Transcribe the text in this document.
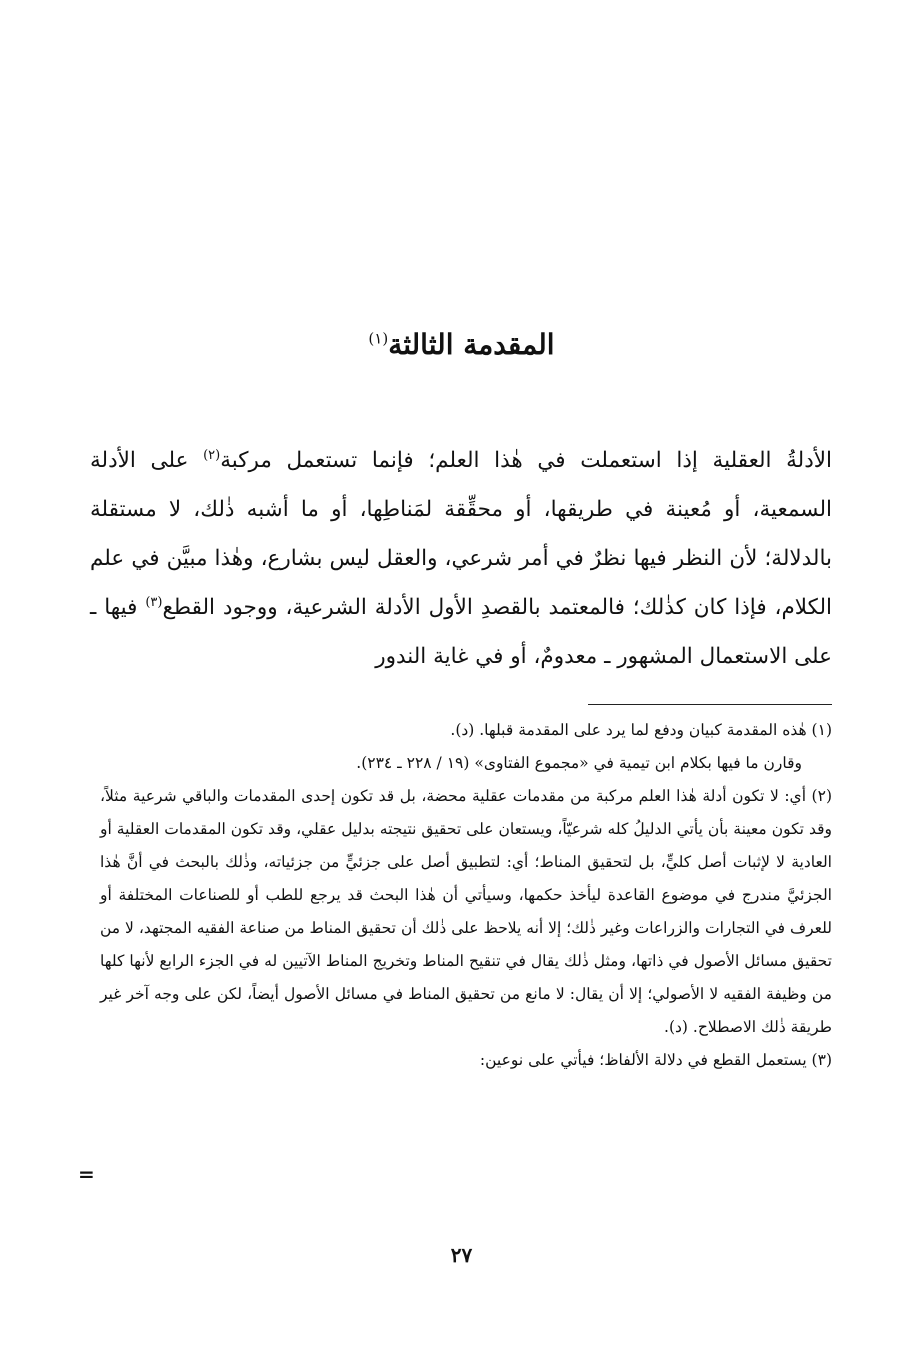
المقدمة الثالثة$^{(١)}$

الأدلةُ العقلية إذا استعملت في هٰذا العلم؛ فإنما تستعمل مركبة$^{(٢)}$ على الأدلة السمعية، أو مُعينة في طريقها، أو محقِّقة لمَناطِها، أو ما أشبه ذٰلك، لا مستقلة بالدلالة؛ لأن النظر فيها نظرٌ في أمر شرعي، والعقل ليس بشارع، وهٰذا مبيَّن في علم الكلام، فإذا كان كذٰلك؛ فالمعتمد بالقصدِ الأول الأدلة الشرعية، ووجود القطع$^{(٣)}$ فيها ـ على الاستعمال المشهور ـ معدومٌ، أو في غاية الندور

(١) هٰذه المقدمة كبيان ودفع لما يرد على المقدمة قبلها. (د).

وقارن ما فيها بكلام ابن تيمية في «مجموع الفتاوى» (١٩ / ٢٢٨ ـ ٢٣٤).

(٢) أي: لا تكون أدلة هٰذا العلم مركبة من مقدمات عقلية محضة، بل قد تكون إحدى المقدمات والباقي شرعية مثلاً، وقد تكون معينة بأن يأتي الدليلُ كله شرعيّاً، ويستعان على تحقيق نتيجته بدليل عقلي، وقد تكون المقدمات العقلية أو العادية لا لإثبات أصل كليٍّ، بل لتحقيق المناط؛ أي: لتطبيق أصل على جزئيٍّ من جزئياته، وذٰلك بالبحث في أنَّ هٰذا الجزئيَّ مندرج في موضوع القاعدة ليأخذ حكمها، وسيأتي أن هٰذا البحث قد يرجع للطب أو للصناعات المختلفة أو للعرف في التجارات والزراعات وغير ذٰلك؛ إلا أنه يلاحظ على ذٰلك أن تحقيق المناط من صناعة الفقيه المجتهد، لا من تحقيق مسائل الأصول في ذاتها، ومثل ذٰلك يقال في تنقيح المناط وتخريج المناط الآتيين له في الجزء الرابع لأنها كلها من وظيفة الفقيه لا الأصولي؛ إلا أن يقال: لا مانع من تحقيق المناط في مسائل الأصول أيضاً، لكن على وجه آخر غير طريقة ذٰلك الاصطلاح. (د).

(٣) يستعمل القطع في دلالة الألفاظ؛ فيأتي على نوعين:

=
٢٧
